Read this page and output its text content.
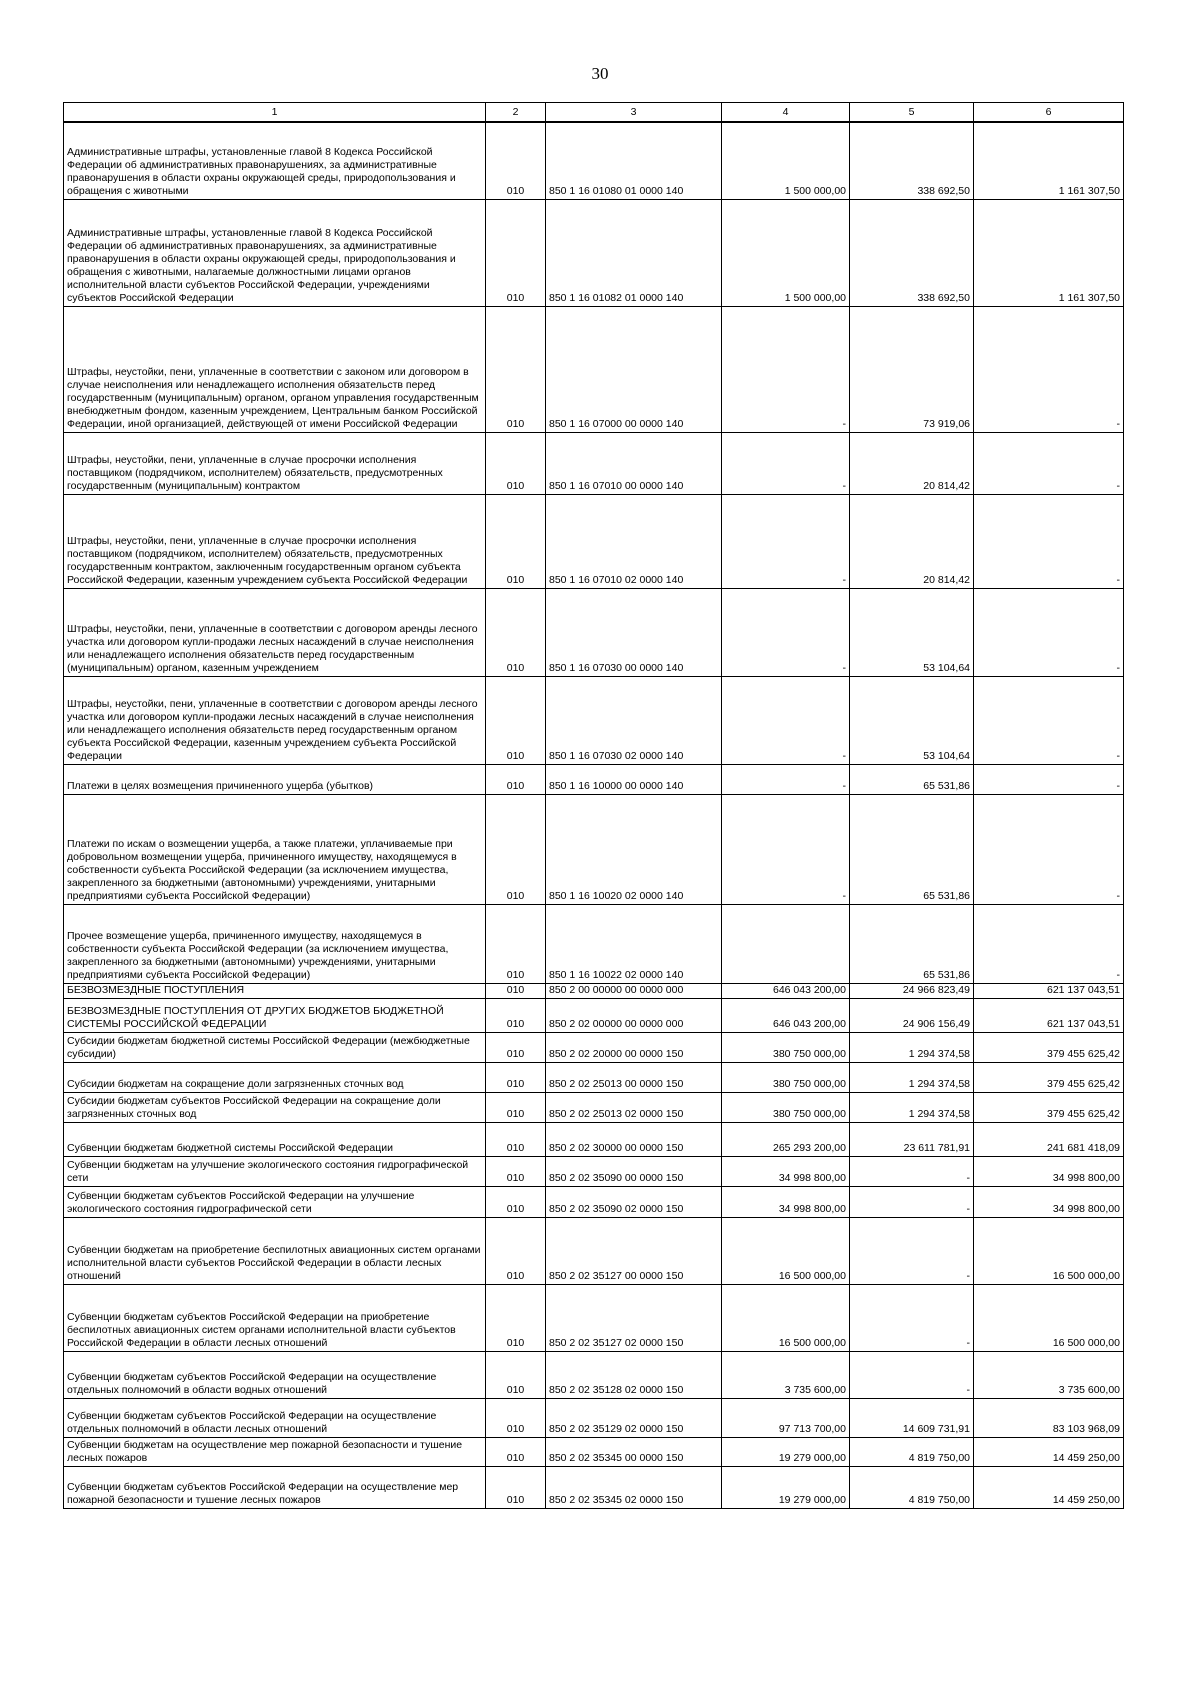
30
1	2	3	4	5	6
Административные штрафы, установленные главой 8 Кодекса Российской Федерации об административных правонарушениях, за административные правонарушения в области охраны окружающей среды, природопользования и обращения с животными	010	850 1 16 01080 01 0000 140	1 500 000,00	338 692,50	1 161 307,50
Административные штрафы, установленные главой 8 Кодекса Российской Федерации об административных правонарушениях, за административные правонарушения в области охраны окружающей среды, природопользования и обращения с животными, налагаемые должностными лицами органов исполнительной власти субъектов Российской Федерации, учреждениями субъектов Российской Федерации	010	850 1 16 01082 01 0000 140	1 500 000,00	338 692,50	1 161 307,50
Штрафы, неустойки, пени, уплаченные в соответствии с законом или договором в случае неисполнения или ненадлежащего исполнения обязательств перед государственным (муниципальным) органом, органом управления государственным внебюджетным фондом, казенным учреждением, Центральным банком Российской Федерации, иной организацией, действующей от имени Российской Федерации	010	850 1 16 07000 00 0000 140	-	73 919,06	-
Штрафы, неустойки, пени, уплаченные в случае просрочки исполнения поставщиком (подрядчиком, исполнителем) обязательств, предусмотренных государственным (муниципальным) контрактом	010	850 1 16 07010 00 0000 140	-	20 814,42	-
Штрафы, неустойки, пени, уплаченные в случае просрочки исполнения поставщиком (подрядчиком, исполнителем) обязательств, предусмотренных государственным контрактом, заключенным государственным органом субъекта Российской Федерации, казенным учреждением субъекта Российской Федерации	010	850 1 16 07010 02 0000 140	-	20 814,42	-
Штрафы, неустойки, пени, уплаченные в соответствии с договором аренды лесного участка или договором купли-продажи лесных насаждений в случае неисполнения или ненадлежащего исполнения обязательств перед государственным (муниципальным) органом, казенным учреждением	010	850 1 16 07030 00 0000 140	-	53 104,64	-
Штрафы, неустойки, пени, уплаченные в соответствии с договором аренды лесного участка или договором купли-продажи лесных насаждений в случае неисполнения или ненадлежащего исполнения обязательств перед государственным органом субъекта Российской Федерации, казенным учреждением субъекта Российской Федерации	010	850 1 16 07030 02 0000 140	-	53 104,64	-
Платежи в целях возмещения причиненного ущерба (убытков)	010	850 1 16 10000 00 0000 140	-	65 531,86	-
Платежи по искам о возмещении ущерба, а также платежи, уплачиваемые при добровольном возмещении ущерба, причиненного имуществу, находящемуся в собственности субъекта Российской Федерации (за исключением имущества, закрепленного за бюджетными (автономными) учреждениями, унитарными предприятиями субъекта Российской Федерации)	010	850 1 16 10020 02 0000 140	-	65 531,86	-
Прочее возмещение ущерба, причиненного имуществу, находящемуся в собственности субъекта Российской Федерации (за исключением имущества, закрепленного за бюджетными (автономными) учреждениями, унитарными предприятиями субъекта Российской Федерации)	010	850 1 16 10022 02 0000 140		65 531,86	-
БЕЗВОЗМЕЗДНЫЕ ПОСТУПЛЕНИЯ	010	850 2 00 00000 00 0000 000	646 043 200,00	24 966 823,49	621 137 043,51
БЕЗВОЗМЕЗДНЫЕ ПОСТУПЛЕНИЯ ОТ ДРУГИХ БЮДЖЕТОВ БЮДЖЕТНОЙ СИСТЕМЫ РОССИЙСКОЙ ФЕДЕРАЦИИ	010	850 2 02 00000 00 0000 000	646 043 200,00	24 906 156,49	621 137 043,51
Субсидии бюджетам бюджетной системы Российской Федерации (межбюджетные субсидии)	010	850 2 02 20000 00 0000 150	380 750 000,00	1 294 374,58	379 455 625,42
Субсидии бюджетам на сокращение доли загрязненных сточных вод	010	850 2 02 25013 00 0000 150	380 750 000,00	1 294 374,58	379 455 625,42
Субсидии бюджетам субъектов Российской Федерации на сокращение доли загрязненных сточных вод	010	850 2 02 25013 02 0000 150	380 750 000,00	1 294 374,58	379 455 625,42
Субвенции бюджетам бюджетной системы Российской Федерации	010	850 2 02 30000 00 0000 150	265 293 200,00	23 611 781,91	241 681 418,09
Субвенции бюджетам на улучшение экологического состояния гидрографической сети	010	850 2 02 35090 00 0000 150	34 998 800,00	-	34 998 800,00
Субвенции бюджетам субъектов Российской Федерации на улучшение экологического состояния гидрографической сети	010	850 2 02 35090 02 0000 150	34 998 800,00	-	34 998 800,00
Субвенции бюджетам на приобретение беспилотных авиационных систем органами исполнительной власти субъектов Российской Федерации в области лесных отношений	010	850 2 02 35127 00 0000 150	16 500 000,00	-	16 500 000,00
Субвенции бюджетам субъектов Российской Федерации на приобретение беспилотных авиационных систем органами исполнительной власти субъектов Российской Федерации в области лесных отношений	010	850 2 02 35127 02 0000 150	16 500 000,00	-	16 500 000,00
Субвенции бюджетам субъектов Российской Федерации на осуществление отдельных полномочий в области водных отношений	010	850 2 02 35128 02 0000 150	3 735 600,00	-	3 735 600,00
Субвенции бюджетам субъектов Российской Федерации на осуществление отдельных полномочий в области лесных отношений	010	850 2 02 35129 02 0000 150	97 713 700,00	14 609 731,91	83 103 968,09
Субвенции бюджетам на осуществление мер пожарной безопасности и тушение лесных пожаров	010	850 2 02 35345 00 0000 150	19 279 000,00	4 819 750,00	14 459 250,00
Субвенции бюджетам субъектов Российской Федерации на осуществление мер пожарной безопасности и тушение лесных пожаров	010	850 2 02 35345 02 0000 150	19 279 000,00	4 819 750,00	14 459 250,00
